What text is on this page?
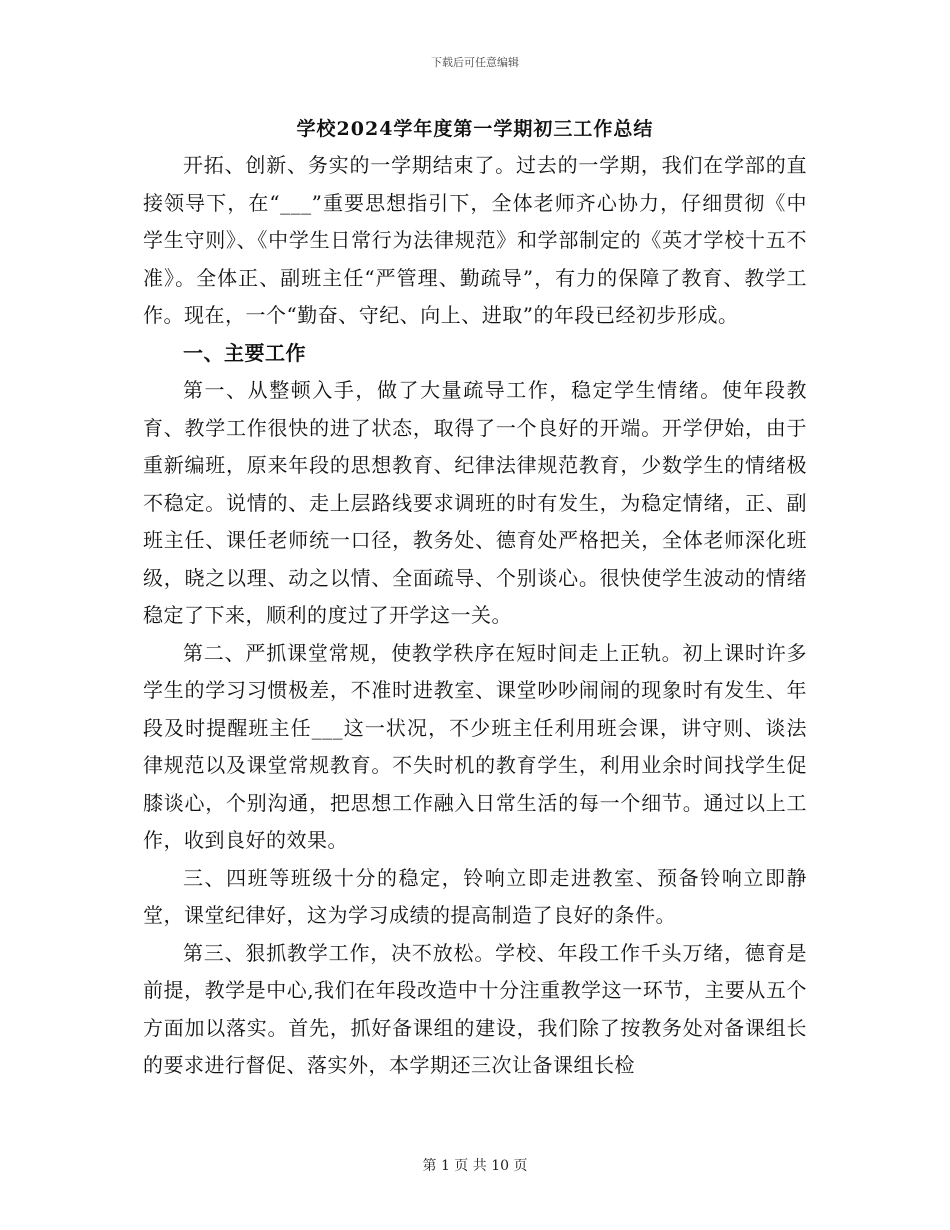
下载后可任意编辑
学校2024学年度第一学期初三工作总结

开拓、创新、务实的一学期结束了。过去的一学期，我们在学部的直接领导下，在“___”重要思想指引下，全体老师齐心协力，仔细贯彻《中学生守则》、《中学生日常行为法律规范》和学部制定的《英才学校十五不准》。全体正、副班主任“严管理、勤疏导”，有力的保障了教育、教学工作。现在，一个“勤奋、守纪、向上、进取”的年段已经初步形成。

一、主要工作

第一、从整顿入手，做了大量疏导工作，稳定学生情绪。使年段教育、教学工作很快的进了状态，取得了一个良好的开端。开学伊始，由于重新编班，原来年段的思想教育、纪律法律规范教育，少数学生的情绪极不稳定。说情的、走上层路线要求调班的时有发生，为稳定情绪，正、副班主任、课任老师统一口径，教务处、德育处严格把关，全体老师深化班级，晓之以理、动之以情、全面疏导、个别谈心。很快使学生波动的情绪稳定了下来，顺利的度过了开学这一关。

第二、严抓课堂常规，使教学秩序在短时间走上正轨。初上课时许多学生的学习习惯极差，不准时进教室、课堂吵吵闹闹的现象时有发生、年段及时提醒班主任___这一状况，不少班主任利用班会课，讲守则、谈法律规范以及课堂常规教育。不失时机的教育学生，利用业余时间找学生促膝谈心，个别沟通，把思想工作融入日常生活的每一个细节。通过以上工作，收到良好的效果。

三、四班等班级十分的稳定，铃响立即走进教室、预备铃响立即静堂，课堂纪律好，这为学习成绩的提高制造了良好的条件。

第三、狠抓教学工作，决不放松。学校、年段工作千头万绪，德育是前提，教学是中心,我们在年段改造中十分注重教学这一环节，主要从五个方面加以落实。首先，抓好备课组的建设，我们除了按教务处对备课组长的要求进行督促、落实外，本学期还三次让备课组长检

第 1 页 共 10 页
